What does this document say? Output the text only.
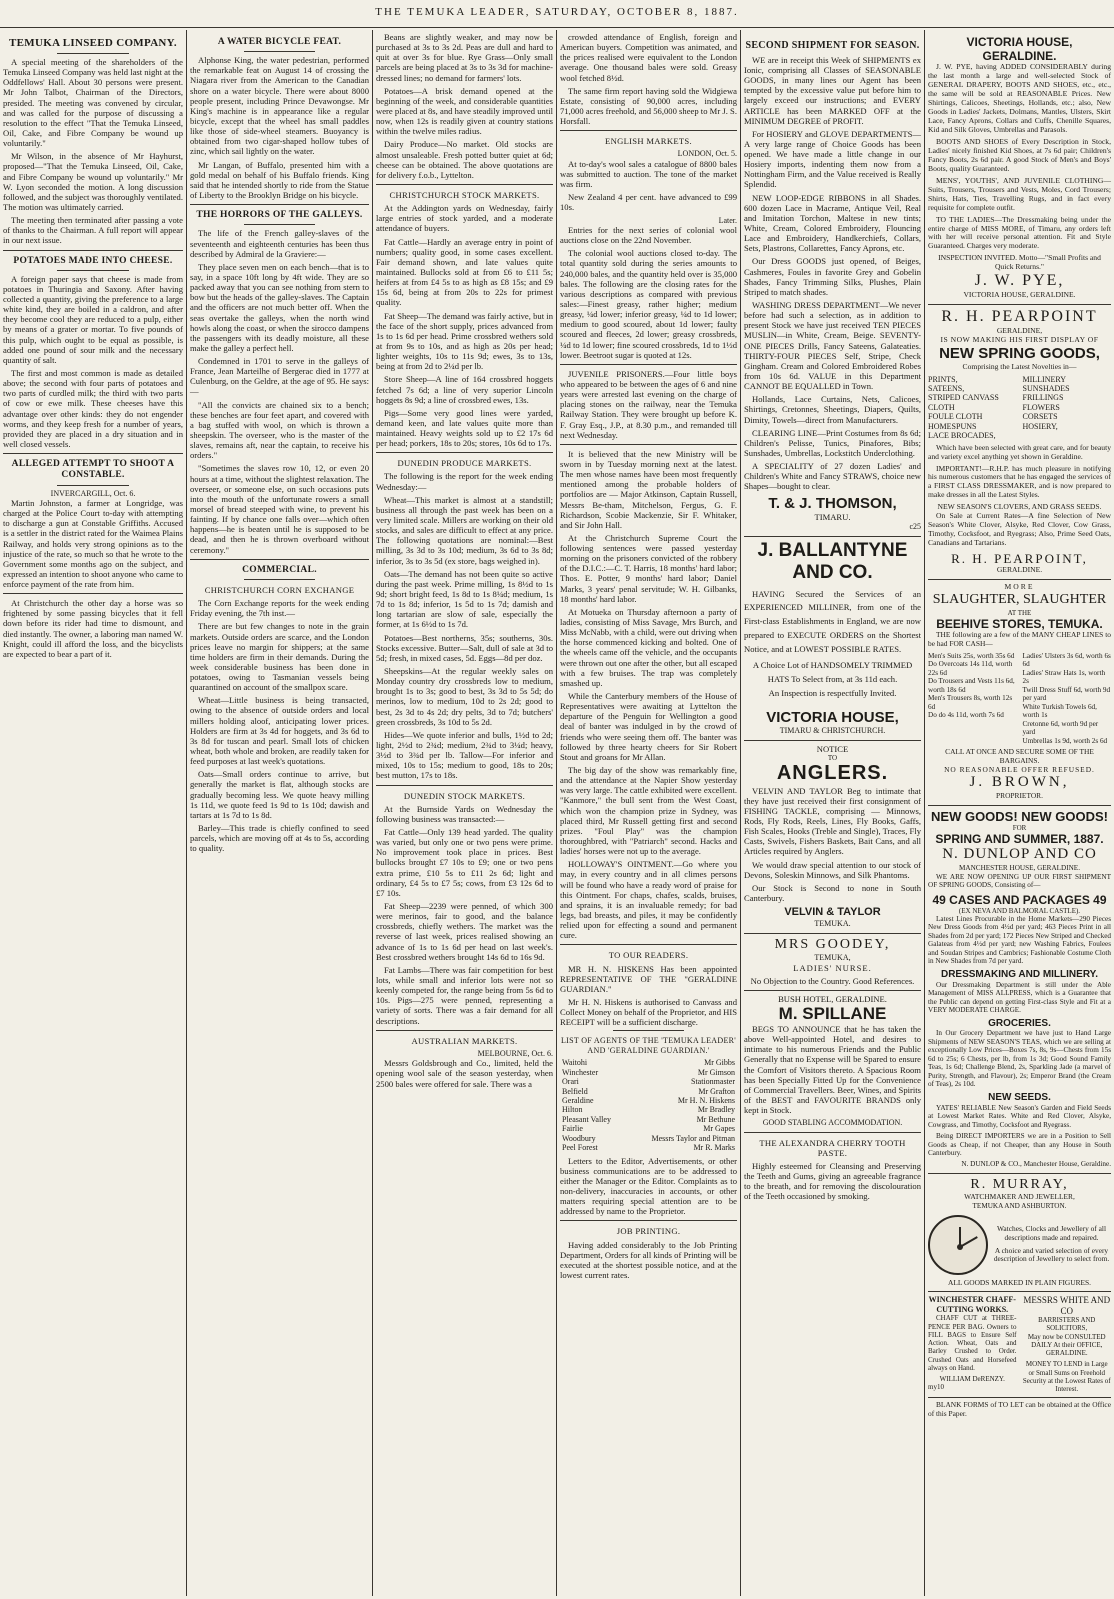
THE TEMUKA LEADER, SATURDAY, OCTOBER 8, 1887.
TEMUKA LINSEED COMPANY.

A special meeting of the shareholders of the Temuka Linseed Company was held last night at the Oddfellows' Hall. About 30 persons were present. Mr John Talbot, Chairman of the Directors, presided. The meeting was convened by circular, and was called for the purpose of discussing a resolution to the effect "That the Temuka Linseed, Oil, Cake, and Fibre Company be wound up voluntarily."

Mr Wilson, in the absence of Mr Hayhurst, proposed—"That the Temuka Linseed, Oil, Cake, and Fibre Company be wound up voluntarily." Mr W. Lyon seconded the motion. A long discussion followed, and the subject was thoroughly ventilated. The motion was ultimately carried.

The meeting then terminated after passing a vote of thanks to the Chairman. A full report will appear in our next issue.

POTATOES MADE INTO CHEESE.

A foreign paper says that cheese is made from potatoes in Thuringia and Saxony. After having collected a quantity, giving the preference to a large white kind, they are boiled in a caldron, and after they become cool they are reduced to a pulp, either by means of a grater or mortar. To five pounds of this pulp, which ought to be equal as possible, is added one pound of sour milk and the necessary quantity of salt.

The first and most common is made as detailed above; the second with four parts of potatoes and two parts of curdled milk; the third with two parts of cow or ewe milk. These cheeses have this advantage over other kinds: they do not engender worms, and they keep fresh for a number of years, provided they are placed in a dry situation and in well closed vessels.

ALLEGED ATTEMPT TO SHOOT A CONSTABLE.

INVERCARGILL, Oct. 6.

Martin Johnston, a farmer at Longridge, was charged at the Police Court to-day with attempting to discharge a gun at Constable Griffiths. Accused is a settler in the district rated for the Waimea Plains Railway, and holds very strong opinions as to the injustice of the rate, so much so that he wrote to the Government some months ago on the subject, and expressed an intention to shoot anyone who came to enforce payment of the rate from him.

At Christchurch the other day a horse was so frightened by some passing bicycles that it fell down before its rider had time to dismount, and died instantly. The owner, a laboring man named W. Knight, could ill afford the loss, and the bicyclists are expected to bear a part of it.

A WATER BICYCLE FEAT.

Alphonse King, the water pedestrian, performed the remarkable feat on August 14 of crossing the Niagara river from the American to the Canadian shore on a water bicycle. There were about 8000 people present, including Prince Devawongse. Mr King's machine is in appearance like a regular bicycle, except that the wheel has small paddles like those of side-wheel steamers. Buoyancy is obtained from two cigar-shaped hollow tubes of zinc, which sail lightly on the water.

Mr Langan, of Buffalo, presented him with a gold medal on behalf of his Buffalo friends. King said that he intended shortly to ride from the Statue of Liberty to the Brooklyn Bridge on his bicycle.

THE HORRORS OF THE GALLEYS.

The life of the French galley-slaves of the seventeenth and eighteenth centuries has been thus described by Admiral de la Graviere:—

They place seven men on each bench—that is to say, in a space 10ft long by 4ft wide. They are so packed away that you can see nothing from stern to bow but the heads of the galley-slaves. The Captain and the officers are not much better off. When the seas overtake the galleys, when the north wind howls along the coast, or when the sirocco dampens the passengers with its deadly moisture, all these make the galley a perfect hell.

Condemned in 1701 to serve in the galleys of France, Jean Marteilhe of Bergerac died in 1777 at Culenburg, on the Geldre, at the age of 95. He says:—

"All the convicts are chained six to a bench; these benches are four feet apart, and covered with a bag stuffed with wool, on which is thrown a sheepskin. The overseer, who is the master of the slaves, remains aft, near the captain, to receive his orders."

"Sometimes the slaves row 10, 12, or even 20 hours at a time, without the slightest relaxation. The overseer, or someone else, on such occasions puts into the mouth of the unfortunate rowers a small morsel of bread steeped with wine, to prevent his fainting. If by chance one falls over—which often happens—he is beaten until he is supposed to be dead, and then he is thrown overboard without ceremony."

COMMERCIAL.
CHRISTCHURCH CORN EXCHANGE

The Corn Exchange reports for the week ending Friday evening, the 7th inst.—

There are but few changes to note in the grain markets. Outside orders are scarce, and the London prices leave no margin for shippers; at the same time holders are firm in their demands. During the week considerable business has been done in potatoes, owing to Tasmanian vessels being quarantined on account of the smallpox scare.

Wheat—Little business is being transacted, owing to the absence of outside orders and local millers holding aloof, anticipating lower prices. Holders are firm at 3s 4d for hoggets, and 3s 6d to 3s 8d for tuscan and pearl. Small lots of chicken wheat, both whole and broken, are readily taken for feed purposes at last week's quotations.

Oats—Small orders continue to arrive, but generally the market is flat, although stocks are gradually becoming less. We quote heavy milling 1s 11d, we quote feed 1s 9d to 1s 10d; dawish and tartars at 1s 7d to 1s 8d.

Barley—This trade is chiefly confined to seed parcels, which are moving off at 4s to 5s, according to quality.

Beans are slightly weaker, and may now be purchased at 3s to 3s 2d. Peas are dull and hard to quit at over 3s for blue. Rye Grass—Only small parcels are being placed at 3s to 3s 3d for machine-dressed lines; no demand for farmers' lots.

Potatoes—A brisk demand opened at the beginning of the week, and considerable quantities were placed at 8s, and have steadily improved until now, when 12s is readily given at country stations within the twelve miles radius.

Dairy Produce—No market. Old stocks are almost unsaleable. Fresh potted butter quiet at 6d; cheese can be obtained. The above quotations are for delivery f.o.b., Lyttelton.

CHRISTCHURCH STOCK MARKETS.

At the Addington yards on Wednesday, fairly large entries of stock yarded, and a moderate attendance of buyers.

Fat Cattle—Hardly an average entry in point of numbers; quality good, in some cases excellent. Fair demand shown, and late values quite maintained. Bullocks sold at from £6 to £11 5s; heifers at from £4 5s to as high as £8 15s; and £9 15s 6d, being at from 20s to 22s for primest quality.

Fat Sheep—The demand was fairly active, but in the face of the short supply, prices advanced from 1s to 1s 6d per head. Prime crossbred wethers sold at from 9s to 10s, and as high as 20s per head; lighter weights, 10s to 11s 9d; ewes, 3s to 13s, being at from 2d to 2¼d per lb.

Store Sheep—A line of 164 crossbred hoggets fetched 7s 6d; a line of very superior Lincoln hoggets 8s 9d; a line of crossbred ewes, 13s.

Pigs—Some very good lines were yarded, demand keen, and late values quite more than maintained. Heavy weights sold up to £2 17s 6d per head; porkers, 18s to 20s; stores, 10s 6d to 17s.

DUNEDIN PRODUCE MARKETS.

The following is the report for the week ending Wednesday:—

Wheat—This market is almost at a standstill; business all through the past week has been on a very limited scale. Millers are working on their old stocks, and sales are difficult to effect at any price. The following quotations are nominal:—Best milling, 3s 3d to 3s 10d; medium, 3s 6d to 3s 8d; inferior, 3s to 3s 5d (ex store, bags weighed in).

Oats—The demand has not been quite so active during the past week. Prime milling, 1s 8½d to 1s 9d; short bright feed, 1s 8d to 1s 8¼d; medium, 1s 7d to 1s 8d; inferior, 1s 5d to 1s 7d; damish and long tartarian are slow of sale, especially the former, at 1s 6½d to 1s 7d.

Potatoes—Best northerns, 35s; southerns, 30s. Stocks excessive. Butter—Salt, dull of sale at 3d to 5d; fresh, in mixed cases, 5d. Eggs—8d per doz.

Sheepskins—At the regular weekly sales on Monday country dry crossbreds low to medium, brought 1s to 3s; good to best, 3s 3d to 5s 5d; do merinos, low to medium, 10d to 2s 2d; good to best, 2s 3d to 4s 2d; dry pelts, 3d to 7d; butchers' green crossbreds, 3s 10d to 5s 2d.

Hides—We quote inferior and bulls, 1½d to 2d; light, 2½d to 2¾d; medium, 2¾d to 3¼d; heavy, 3½d to 3¾d per lb. Tallow—For inferior and mixed, 10s to 15s; medium to good, 18s to 20s; best mutton, 17s to 18s.

DUNEDIN STOCK MARKETS.

At the Burnside Yards on Wednesday the following business was transacted:—

Fat Cattle—Only 139 head yarded. The quality was varied, but only one or two pens were prime. No improvement took place in prices. Best bullocks brought £7 10s to £9; one or two pens extra prime, £10 5s to £11 2s 6d; light and ordinary, £4 5s to £7 5s; cows, from £3 12s 6d to £7 10s.

Fat Sheep—2239 were penned, of which 300 were merinos, fair to good, and the balance crossbreds, chiefly wethers. The market was the reverse of last week, prices realised showing an advance of 1s to 1s 6d per head on last week's. Best crossbred wethers brought 14s 6d to 16s 9d.

Fat Lambs—There was fair competition for best lots, while small and inferior lots were not so keenly competed for, the range being from 5s 6d to 10s. Pigs—275 were penned, representing a variety of sorts. There was a fair demand for all descriptions.

AUSTRALIAN MARKETS.

MELBOURNE, Oct. 6.

Messrs Goldsbrough and Co., limited, held the opening wool sale of the season yesterday, when 2500 bales were offered for sale. There was a

crowded attendance of English, foreign and American buyers. Competition was animated, and the prices realised were equivalent to the London average. One thousand bales were sold. Greasy wool fetched 8½d.

The same firm report having sold the Widgiewa Estate, consisting of 90,000 acres, including 71,000 acres freehold, and 56,000 sheep to Mr J. S. Horsfall.

ENGLISH MARKETS.

LONDON, Oct. 5.

At to-day's wool sales a catalogue of 8800 bales was submitted to auction. The tone of the market was firm.

New Zealand 4 per cent. have advanced to £99 10s.

Later.

Entries for the next series of colonial wool auctions close on the 22nd November.

The colonial wool auctions closed to-day. The total quantity sold during the series amounts to 240,000 bales, and the quantity held over is 35,000 bales. The following are the closing rates for the various descriptions as compared with previous sales:—Finest greasy, rather higher; medium greasy, ¼d lower; inferior greasy, ¼d to 1d lower; medium to good scoured, about 1d lower; faulty scoured and fleeces, 2d lower; greasy crossbreds, ¼d to 1d lower; fine scoured crossbreds, 1d to 1½d lower. Beetroot sugar is quoted at 12s.

JUVENILE PRISONERS.—Four little boys who appeared to be between the ages of 6 and nine years were arrested last evening on the charge of placing stones on the railway, near the Temuka Railway Station. They were brought up before K. F. Gray Esq., J.P., at 8.30 p.m., and remanded till next Wednesday.

It is believed that the new Ministry will be sworn in by Tuesday morning next at the latest. The men whose names have been most frequently mentioned among the probable holders of portfolios are — Major Atkinson, Captain Russell, Messrs Be-tham, Mitchelson, Fergus, G. F. Richardson, Scobie Mackenzie, Sir F. Whitaker, and Sir John Hall.

At the Christchurch Supreme Court the following sentences were passed yesterday morning on the prisoners convicted of the robbery of the D.I.C.:—C. T. Harris, 18 months' hard labor; Thos. E. Potter, 9 months' hard labor; Daniel Marks, 3 years' penal servitude; W. H. Gilbanks, 18 months' hard labor.

At Motueka on Thursday afternoon a party of ladies, consisting of Miss Savage, Mrs Burch, and Miss McNabb, with a child, were out driving when the horse commenced kicking and bolted. One of the wheels came off the vehicle, and the occupants were thrown out one after the other, but all escaped with a few bruises. The trap was completely smashed up.

While the Canterbury members of the House of Representatives were awaiting at Lyttelton the departure of the Penguin for Wellington a good deal of banter was indulged in by the crowd of friends who were seeing them off. The banter was followed by three hearty cheers for Sir Robert Stout and groans for Mr Allan.

The big day of the show was remarkably fine, and the attendance at the Napier Show yesterday was very large. The cattle exhibited were excellent. "Kanmore," the bull sent from the West Coast, which won the champion prize in Sydney, was placed third, Mr Russell getting first and second prizes. "Foul Play" was the champion thoroughbred, with "Patriarch" second. Hacks and ladies' horses were not up to the average.

HOLLOWAY'S OINTMENT.—Go where you may, in every country and in all climes persons will be found who have a ready word of praise for this Ointment. For chaps, chafes, scalds, bruises, and sprains, it is an invaluable remedy; for bad legs, bad breasts, and piles, it may be confidently relied upon for effecting a sound and permanent cure.

TO OUR READERS.

MR H. N. HISKENS Has been appointed REPRESENTATIVE OF THE "GERALDINE GUARDIAN."

Mr H. N. Hiskens is authorised to Canvass and Collect Money on behalf of the Proprietor, and HIS RECEIPT will be a sufficient discharge.

LIST OF AGENTS OF THE 'TEMUKA LEADER' AND 'GERALDINE GUARDIAN.'
Waitohi	Mr Gibbs
Winchester	Mr Gimson
Orari	Stationmaster
Belfield	Mr Grafton
Geraldine	Mr H. N. Hiskens
Hilton	Mr Bradley
Pleasant Valley	Mr Bethune
Fairlie	Mr Gapes
Woodbury	Messrs Taylor and Pitman
Peel Forest	Mr R. Marks

Letters to the Editor, Advertisements, or other business communications are to be addressed to either the Manager or the Editor. Complaints as to non-delivery, inaccuracies in accounts, or other matters requiring special attention are to be addressed by name to the Proprietor.

JOB PRINTING.

Having added considerably to the Job Printing Department, Orders for all kinds of Printing will be executed at the shortest possible notice, and at the lowest current rates.

SECOND SHIPMENT FOR SEASON.

WE are in receipt this Week of SHIPMENTS ex Ionic, comprising all Classes of SEASONABLE GOODS, in many lines our Agent has been tempted by the excessive value put before him to largely exceed our instructions; and EVERY ARTICLE has been MARKED OFF at the MINIMUM DEGREE of PROFIT.

For HOSIERY and GLOVE DEPARTMENTS—A very large range of Choice Goods has been opened. We have made a little change in our Hosiery imports, indenting them now from a Nottingham Firm, and the Value received is Really Splendid.

NEW LOOP-EDGE RIBBONS in all Shades. 600 dozen Lace in Macrame, Antique Veil, Real and Imitation Torchon, Maltese in new tints; White, Cream, Colored Embroidery, Flouncing Lace and Embroidery, Handkerchiefs, Collars, Sets, Plastrons, Collarettes, Fancy Aprons, etc.

Our Dress GOODS just opened, of Beiges, Cashmeres, Foules in favorite Grey and Gobelin Shades, Fancy Trimming Silks, Plushes, Plain Striped to match shades.

WASHING DRESS DEPARTMENT—We never before had such a selection, as in addition to present Stock we have just received TEN PIECES MUSLIN—in White, Cream, Beige. SEVENTY-ONE PIECES Drills, Fancy Sateens, Galateaties. THIRTY-FOUR PIECES Self, Stripe, Check Gingham. Cream and Colored Embroidered Robes from 10s 6d. VALUE in this Department CANNOT BE EQUALLED in Town.

Hollands, Lace Curtains, Nets, Calicoes, Shirtings, Cretonnes, Sheetings, Diapers, Quilts, Dimity, Towels—direct from Manufacturers.

CLEARING LINE—Print Costumes from 8s 6d; Children's Pelisse, Tunics, Pinafores, Bibs; Sunshades, Umbrellas, Lockstitch Underclothing.

A SPECIALITY of 27 dozen Ladies' and Children's White and Fancy STRAWS, choice new Shapes—bought to clear.

T. & J. THOMSON,
TIMARU.
c25
J. BALLANTYNE AND CO.

HAVING Secured the Services of an EXPERIENCED MILLINER, from one of the First-class Establishments in England, we are now prepared to EXECUTE ORDERS on the Shortest Notice, and at LOWEST POSSIBLE RATES.

A Choice Lot of HANDSOMELY TRIMMED HATS To Select from, at 3s 11d each.

An Inspection is respectfully Invited.

VICTORIA HOUSE,
TIMARU & CHRISTCHURCH.
NOTICE
TO
ANGLERS.

VELVIN AND TAYLOR Beg to intimate that they have just received their first consignment of FISHING TACKLE, comprising — Minnows, Rods, Fly Rods, Reels, Lines, Fly Books, Gaffs, Fish Scales, Hooks (Treble and Single), Traces, Fly Casts, Swivels, Fishers Baskets, Bait Cans, and all Articles required by Anglers.

We would draw special attention to our stock of Devons, Soleskin Minnows, and Silk Phantoms.

Our Stock is Second to none in South Canterbury.

VELVIN & TAYLOR
TEMUKA.
MRS GOODEY,
TEMUKA,
LADIES' NURSE.

No Objection to the Country. Good References.

BUSH HOTEL, GERALDINE.
M. SPILLANE

BEGS TO ANNOUNCE that he has taken the above Well-appointed Hotel, and desires to intimate to his numerous Friends and the Public Generally that no Expense will be Spared to ensure the Comfort of Visitors thereto. A Spacious Room has been Specially Fitted Up for the Convenience of Commercial Travellers. Beer, Wines, and Spirits of the BEST and FAVOURITE BRANDS only kept in Stock.

GOOD STABLING ACCOMMODATION.

THE ALEXANDRA CHERRY TOOTH PASTE.

Highly esteemed for Cleansing and Preserving the Teeth and Gums, giving an agreeable fragrance to the breath, and for removing the discolouration of the Teeth occasioned by smoking.

VICTORIA HOUSE, GERALDINE.

J. W. PYE, having ADDED CONSIDERABLY during the last month a large and well-selected Stock of GENERAL DRAPERY, BOOTS AND SHOES, etc., etc., the same will be sold at REASONABLE Prices. New Shirtings, Calicoes, Sheetings, Hollands, etc.; also, New Goods in Ladies' Jackets, Dolmans, Mantles, Ulsters, Skirt Lace, Fancy Aprons, Collars and Cuffs, Chenille Squares, Kid and Silk Gloves, Umbrellas and Parasols.

BOOTS AND SHOES of Every Description in Stock, Ladies' nicely finished Kid Shoes, at 7s 6d pair; Children's Fancy Boots, 2s 6d pair. A good Stock of Men's and Boys' Boots, quality Guaranteed.

MENS', YOUTHS', AND JUVENILE CLOTHING—Suits, Trousers, Trousers and Vests, Moles, Cord Trousers; Shirts, Hats, Ties, Travelling Rugs, and in fact every requisite for complete outfit.

TO THE LADIES—The Dressmaking being under the entire charge of MISS MORE, of Timaru, any orders left with her will receive personal attention. Fit and Style Guaranteed. Charges very moderate.

INSPECTION INVITED. Motto—"Small Profits and Quick Returns."

J. W. PYE,
VICTORIA HOUSE, GERALDINE.
R. H. PEARPOINT
GERALDINE,
IS NOW MAKING HIS FIRST DISPLAY OF
NEW SPRING GOODS,
Comprising the Latest Novelties in—
PRINTS,
SATEENS,
STRIPED CANVASS CLOTH
FOULE CLOTH
HOMESPUNS
LACE BROCADES,
MILLINERY
SUNSHADES
FRILLINGS
FLOWERS
CORSETS
HOSIERY,

Which have been selected with great care, and for beauty and variety excel anything yet shown in Geraldine.

IMPORTANT!—R.H.P. has much pleasure in notifying his numerous customers that he has engaged the services of a FIRST CLASS DRESSMAKER, and is now prepared to make dresses in all the Latest Styles.

NEW SEASON'S CLOVERS, AND GRASS SEEDS.

On Sale at Current Rates—A fine Selection of New Season's White Clover, Alsyke, Red Clover, Cow Grass, Timothy, Cocksfoot, and Ryegrass; Also, Prime Seed Oats, Canadians and Tartarians.

R. H. PEARPOINT,
GERALDINE.
MORE
SLAUGHTER, SLAUGHTER
AT THE
BEEHIVE STORES, TEMUKA.

THE following are a few of the MANY CHEAP LINES to be had FOR CASH—

Men's Suits 25s, worth 35s 6d
Do Overcoats 14s 11d, worth 22s 6d
Do Trousers and Vests 11s 6d, worth 18s 6d
Men's Trousers 8s, worth 12s 6d
Do do 4s 11d, worth 7s 6d
Ladies' Ulsters 3s 6d, worth 6s 6d
Ladies' Straw Hats 1s, worth 2s
Twill Dress Stuff 6d, worth 9d per yard
White Turkish Towels 6d, worth 1s
Cretonne 6d, worth 9d per yard
Umbrellas 1s 9d, worth 2s 6d

CALL AT ONCE AND SECURE SOME OF THE BARGAINS.

NO REASONABLE OFFER REFUSED.

J. BROWN,
PROPRIETOR.
NEW GOODS! NEW GOODS!
FOR
SPRING AND SUMMER, 1887.
N. DUNLOP AND CO
MANCHESTER HOUSE, GERALDINE.

WE ARE NOW OPENING UP OUR FIRST SHIPMENT OF SPRING GOODS, Consisting of—

49 CASES AND PACKAGES 49
(EX NEVA AND BALMORAL CASTLE).

Latest Lines Procurable in the Home Markets—290 Pieces New Dress Goods from 4½d per yard; 463 Pieces Print in all Shades from 2d per yard; 172 Pieces New Striped and Checked Galateas from 4½d per yard; new Washing Fabrics, Foulees and Soudan Stripes and Cambrics; Fashionable Costume Cloth in New Shades from 7d per yard.

DRESSMAKING AND MILLINERY.

Our Dressmaking Department is still under the Able Management of MISS ALLPRESS, which is a Guarantee that the Public can depend on getting First-class Style and Fit at a VERY MODERATE CHARGE.

GROCERIES.

In Our Grocery Department we have just to Hand Large Shipments of NEW SEASON'S TEAS, which we are selling at exceptionally Low Prices—Boxes 7s, 8s, 9s—Chests from 15s 6d to 25s; 6 Chests, per lb, from 1s 3d; Good Sound Family Teas, 1s 6d; Challenge Blend, 2s, Sparkling Jade (a marvel of Purity, Strength, and Flavour), 2s; Emperor Brand (the Cream of Teas), 2s 10d.

NEW SEEDS.

YATES' RELIABLE New Season's Garden and Field Seeds at Lowest Market Rates. White and Red Clover, Alsyke, Cowgrass, and Timothy, Cocksfoot and Ryegrass.

Being DIRECT IMPORTERS we are in a Position to Sell Goods as Cheap, if not Cheaper, than any House in South Canterbury.

N. DUNLOP & CO., Manchester House, Geraldine.

R. MURRAY,
WATCHMAKER AND JEWELLER,
TEMUKA AND ASHBURTON.

Watches, Clocks and Jewellery of all descriptions made and repaired.

A choice and varied selection of every description of Jewellery to select from.

ALL GOODS MARKED IN PLAIN FIGURES.

WINCHESTER CHAFF-CUTTING WORKS.

CHAFF CUT at THREE-PENCE PER BAG. Owners to FILL BAGS to Ensure Self Action. Wheat, Oats and Barley Crushed to Order. Crushed Oats and Horsefeed always on Hand.

WILLIAM DeRENZY.

my10

MESSRS WHITE AND CO
BARRISTERS AND SOLICITORS,

May now be CONSULTED DAILY At their OFFICE, GERALDINE.

MONEY TO LEND in Large or Small Sums on Freehold Security at the Lowest Rates of Interest.

BLANK FORMS of TO LET can be obtained at the Office of this Paper.
